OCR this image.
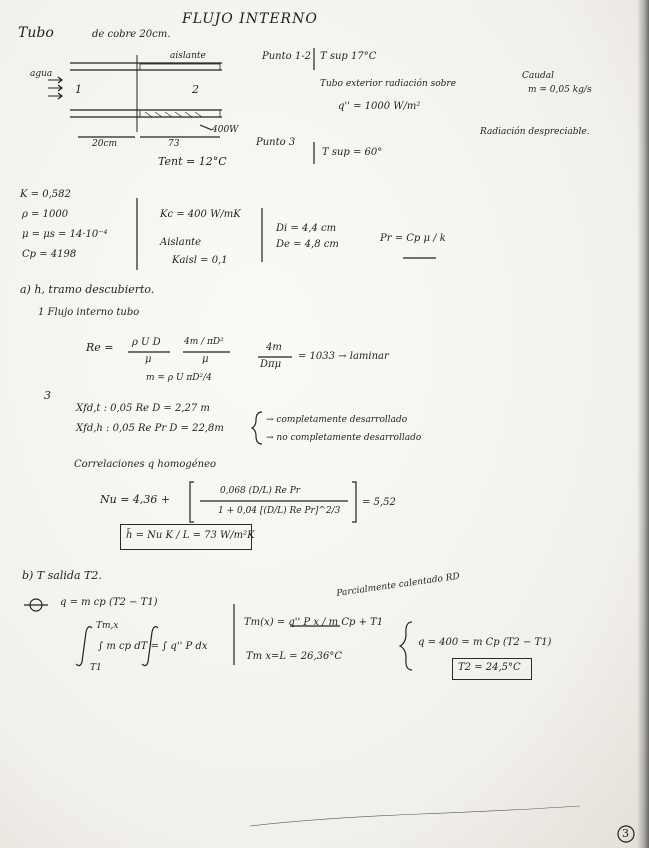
FLUJO INTERNO
Tubo	de cobre 20cm.
aislante
agua
1	2
400W
20cm	73
Tent = 12°C
Punto 1-2 T sup 17°C
Tubo exterior radiación sobre
Caudal
m = 0,05 kg/s
q'' = 1000 W/m²
Radiación despreciable.
Punto 3
T sup = 60°
K = 0,582
ρ = 1000
μ = μs = 14·10⁻⁴
Cp = 4198
Kc = 400 W/mK
Aislante
Kaisl = 0,1
Di = 4,4 cm
De = 4,8 cm
Pr = Cp μ / k
a) h, tramo descubierto.
1 Flujo interno tubo
Re = ρ U D
μ
4m / πD²
μ
4m
Dπμ
= 1033 → laminar
m = ρ U πD²/4
3
Xfd,t : 0,05 Re D = 2,27 m
Xfd,h : 0,05 Re Pr D = 22,8m
→ completamente desarrollado
→ no completamente desarrollado
Correlaciones q homogéneo
Nu = 4,36 +
0,068 (D/L) Re Pr
1 + 0,04 [(D/L) Re Pr]^2/3
= 5,52
h̄ = Nu K / L = 73 W/m²K
b) T salida T2.
q = m cp (T2 − T1)
Tm,x
∫ m cp dT = ∫ q'' P dx
T1
Parcialmente calentado RD
Tm(x) = q'' P x / m Cp + T1
Tm x=L = 26,36°C
q = 400 = m Cp (T2 − T1)
T2 = 24,5°C
3
